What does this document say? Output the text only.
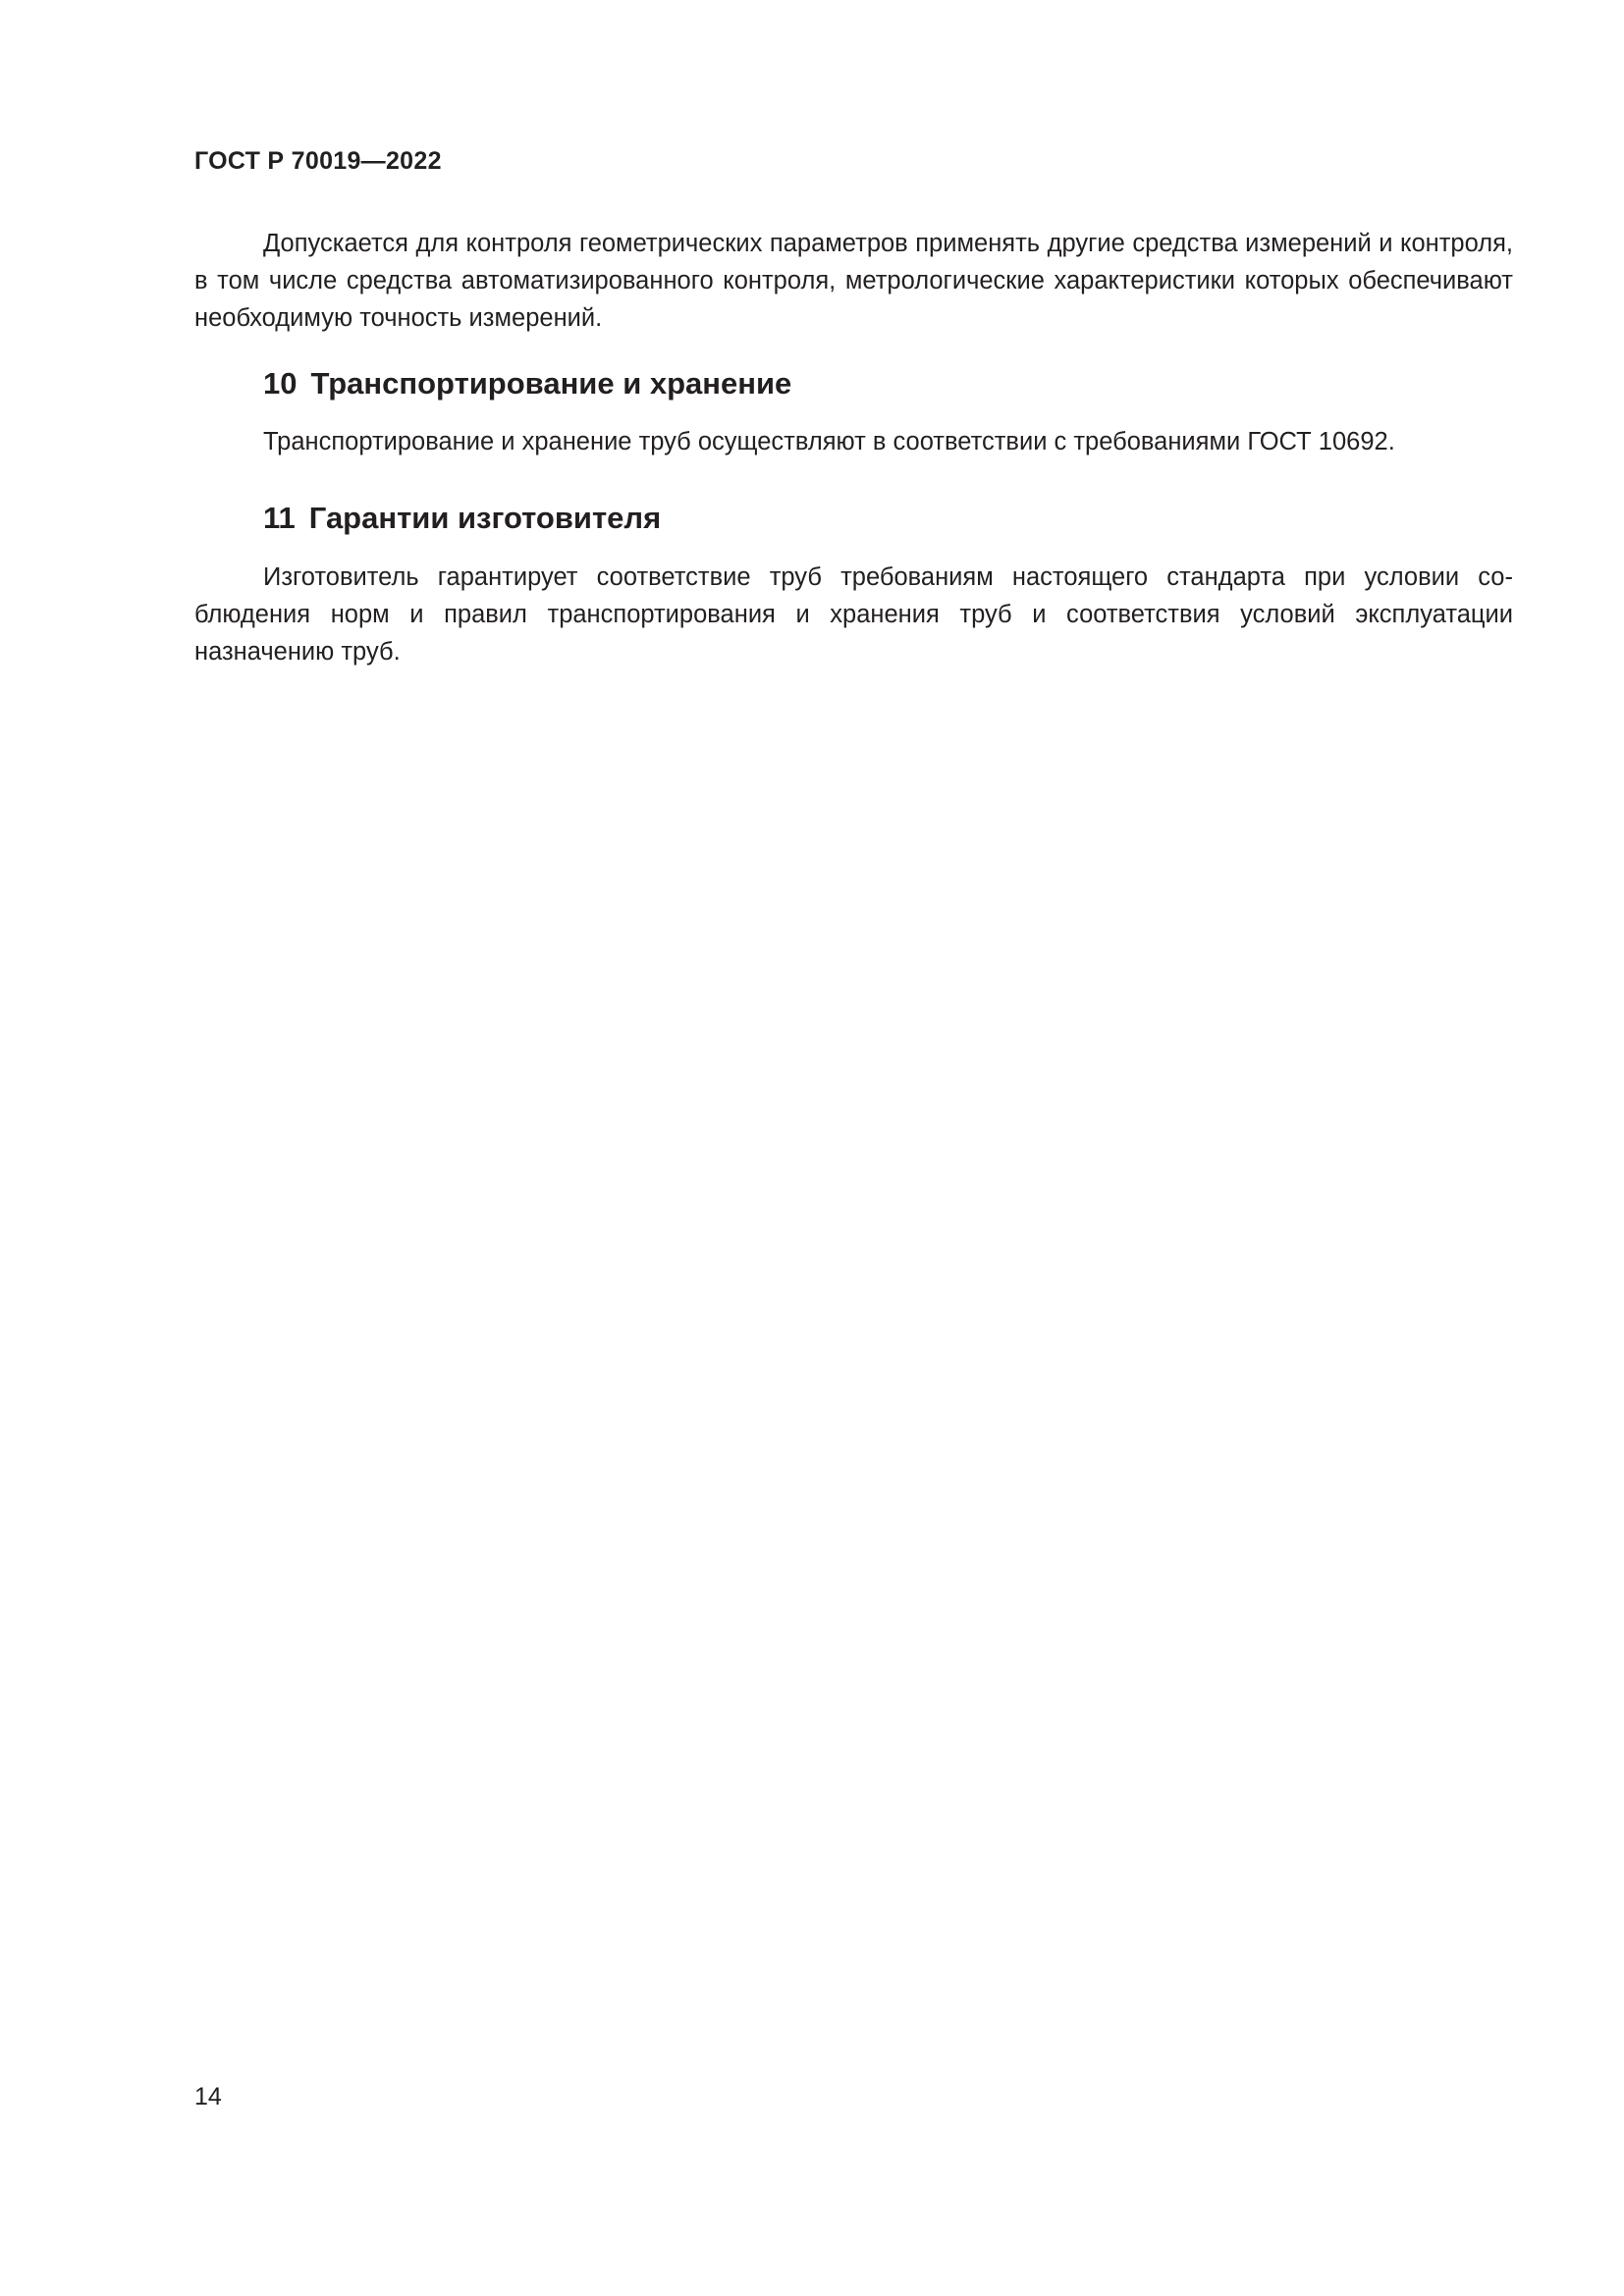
ГОСТ Р 70019—2022

Допускается для контроля геометрических параметров применять другие средства измерений и контроля, в том числе средства автоматизированного контроля, метрологические характеристики которых обеспечивают необходимую точность измерений.

10 Транспортирование и хранение

Транспортирование и хранение труб осуществляют в соответствии с требованиями ГОСТ 10692.

11 Гарантии изготовителя

Изготовитель гарантирует соответствие труб требованиям настоящего стандарта при условии соблюдения норм и правил транспортирования и хранения труб и соответствия условий эксплуатации назначению труб.

14
